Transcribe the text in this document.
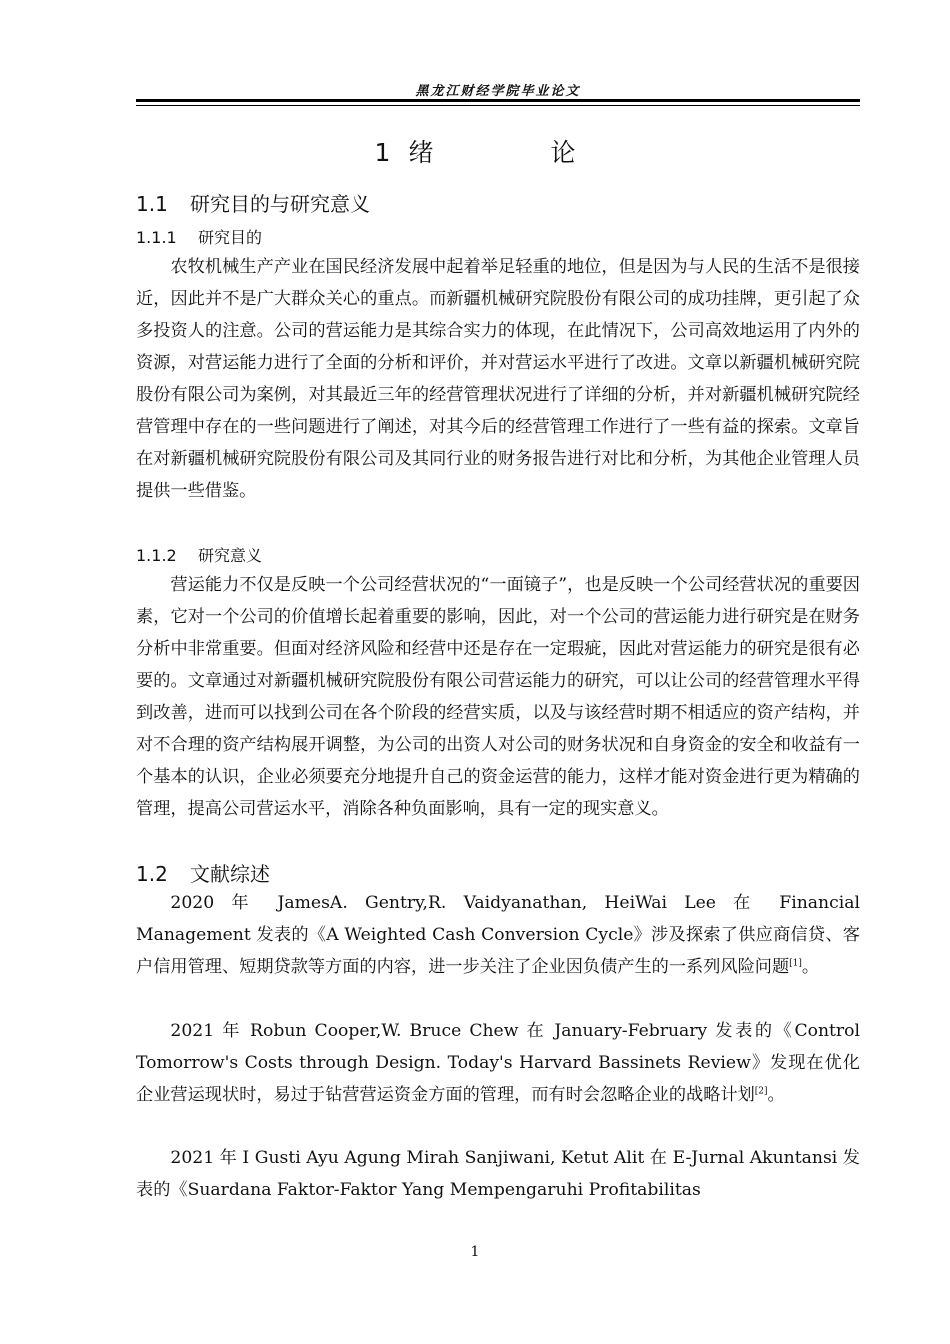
黑龙江财经学院毕业论文
1 绪　论
1.1 研究目的与研究意义
1.1.1 研究目的

农牧机械生产产业在国民经济发展中起着举足轻重的地位，但是因为与人民的生活不是很接近，因此并不是广大群众关心的重点。而新疆机械研究院股份有限公司的成功挂牌，更引起了众多投资人的注意。公司的营运能力是其综合实力的体现，在此情况下，公司高效地运用了内外的资源，对营运能力进行了全面的分析和评价，并对营运水平进行了改进。文章以新疆机械研究院股份有限公司为案例，对其最近三年的经营管理状况进行了详细的分析，并对新疆机械研究院经营管理中存在的一些问题进行了阐述，对其今后的经营管理工作进行了一些有益的探索。文章旨在对新疆机械研究院股份有限公司及其同行业的财务报告进行对比和分析，为其他企业管理人员提供一些借鉴。

1.1.2 研究意义

营运能力不仅是反映一个公司经营状况的“一面镜子”，也是反映一个公司经营状况的重要因素，它对一个公司的价值增长起着重要的影响，因此，对一个公司的营运能力进行研究是在财务分析中非常重要。但面对经济风险和经营中还是存在一定瑕疵，因此对营运能力的研究是很有必要的。文章通过对新疆机械研究院股份有限公司营运能力的研究，可以让公司的经营管理水平得到改善，进而可以找到公司在各个阶段的经营实质，以及与该经营时期不相适应的资产结构，并对不合理的资产结构展开调整，为公司的出资人对公司的财务状况和自身资金的安全和收益有一个基本的认识，企业必须要充分地提升自己的资金运营的能力，这样才能对资金进行更为精确的管理，提高公司营运水平，消除各种负面影响，具有一定的现实意义。

1.2 文献综述

2020 年 JamesA. Gentry,R. Vaidyanathan, HeiWai Lee 在 Financial Management 发表的《A Weighted Cash Conversion Cycle》涉及探索了供应商信贷、客户信用管理、短期贷款等方面的内容，进一步关注了企业因负债产生的一系列风险问题[1]。

2021 年 Robun Cooper,W. Bruce Chew 在 January-February 发表的《Control Tomorrow's Costs through Design. Today's Harvard Bassinets Review》发现在优化企业营运现状时，易过于钻营营运资金方面的管理，而有时会忽略企业的战略计划[2]。

2021 年 I Gusti Ayu Agung Mirah Sanjiwani, Ketut Alit 在 E-Jurnal Akuntansi 发表的《Suardana Faktor-Faktor Yang Mempengaruhi Profitabilitas

1
